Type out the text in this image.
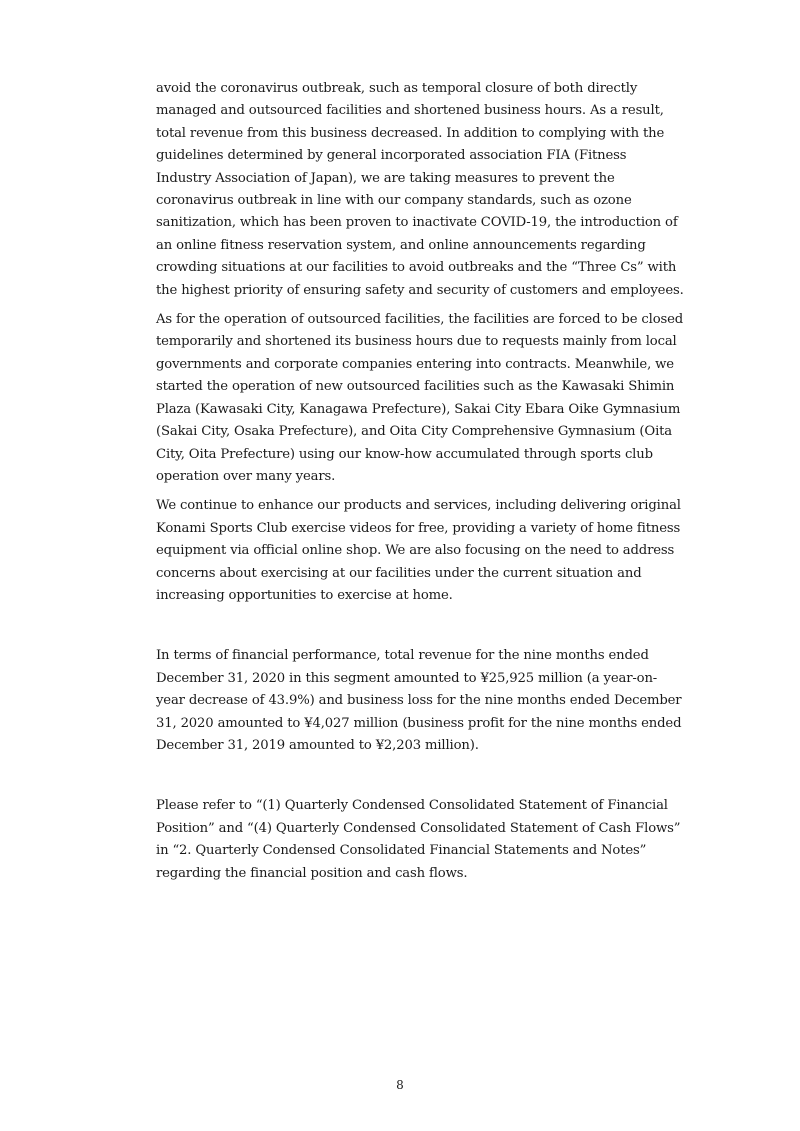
avoid the coronavirus outbreak, such as temporal closure of both directly managed and outsourced facilities and shortened business hours. As a result, total revenue from this business decreased. In addition to complying with the guidelines determined by general incorporated association FIA (Fitness Industry Association of Japan), we are taking measures to prevent the coronavirus outbreak in line with our company standards, such as ozone sanitization, which has been proven to inactivate COVID-19, the introduction of an online fitness reservation system, and online announcements regarding crowding situations at our facilities to avoid outbreaks and the “Three Cs” with the highest priority of ensuring safety and security of customers and employees.

As for the operation of outsourced facilities, the facilities are forced to be closed temporarily and shortened its business hours due to requests mainly from local governments and corporate companies entering into contracts. Meanwhile, we started the operation of new outsourced facilities such as the Kawasaki Shimin Plaza (Kawasaki City, Kanagawa Prefecture), Sakai City Ebara Oike Gymnasium (Sakai City, Osaka Prefecture), and Oita City Comprehensive Gymnasium (Oita City, Oita Prefecture) using our know-how accumulated through sports club operation over many years.

We continue to enhance our products and services, including delivering original Konami Sports Club exercise videos for free, providing a variety of home fitness equipment via official online shop. We are also focusing on the need to address concerns about exercising at our facilities under the current situation and increasing opportunities to exercise at home.

In terms of financial performance, total revenue for the nine months ended December 31, 2020 in this segment amounted to ¥25,925 million (a year-on-year decrease of 43.9%) and business loss for the nine months ended December 31, 2020 amounted to ¥4,027 million (business profit for the nine months ended December 31, 2019 amounted to ¥2,203 million).

Please refer to “(1) Quarterly Condensed Consolidated Statement of Financial Position” and “(4) Quarterly Condensed Consolidated Statement of Cash Flows” in “2. Quarterly Condensed Consolidated Financial Statements and Notes” regarding the financial position and cash flows.

8
